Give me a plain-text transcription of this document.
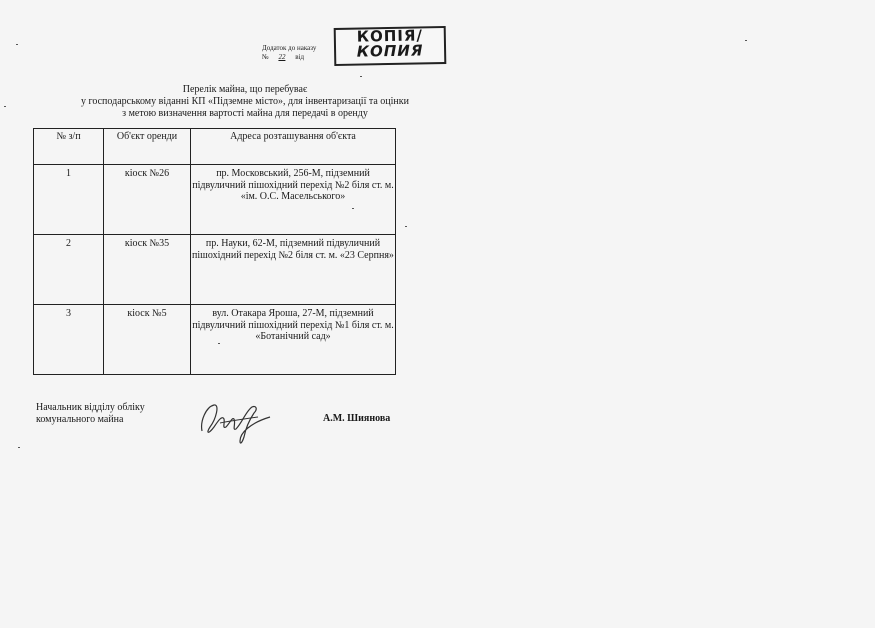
Додаток до наказу
№ 22 від
КОПІЯ/
КОПИЯ
Перелік майна, що перебуває
у господарському віданні КП «Підземне місто», для інвентаризації та оцінки
з метою визначення вартості майна для передачі в оренду
№ з/п	Об'єкт оренди	Адреса розташування об'єкта
1	кіоск №26	пр. Московський, 256-М, підземний підвуличний пішохідний перехід №2 біля ст. м. «ім. О.С. Масельського»
2	кіоск №35	пр. Науки, 62-М, підземний підвуличний пішохідний перехід №2 біля ст. м. «23 Серпня»
3	кіоск №5	вул. Отакара Яроша, 27-М, підземний підвуличний пішохідний перехід №1 біля ст. м. «Ботанічний сад»
Начальник відділу обліку
комунального майна	А.М. Шиянова
